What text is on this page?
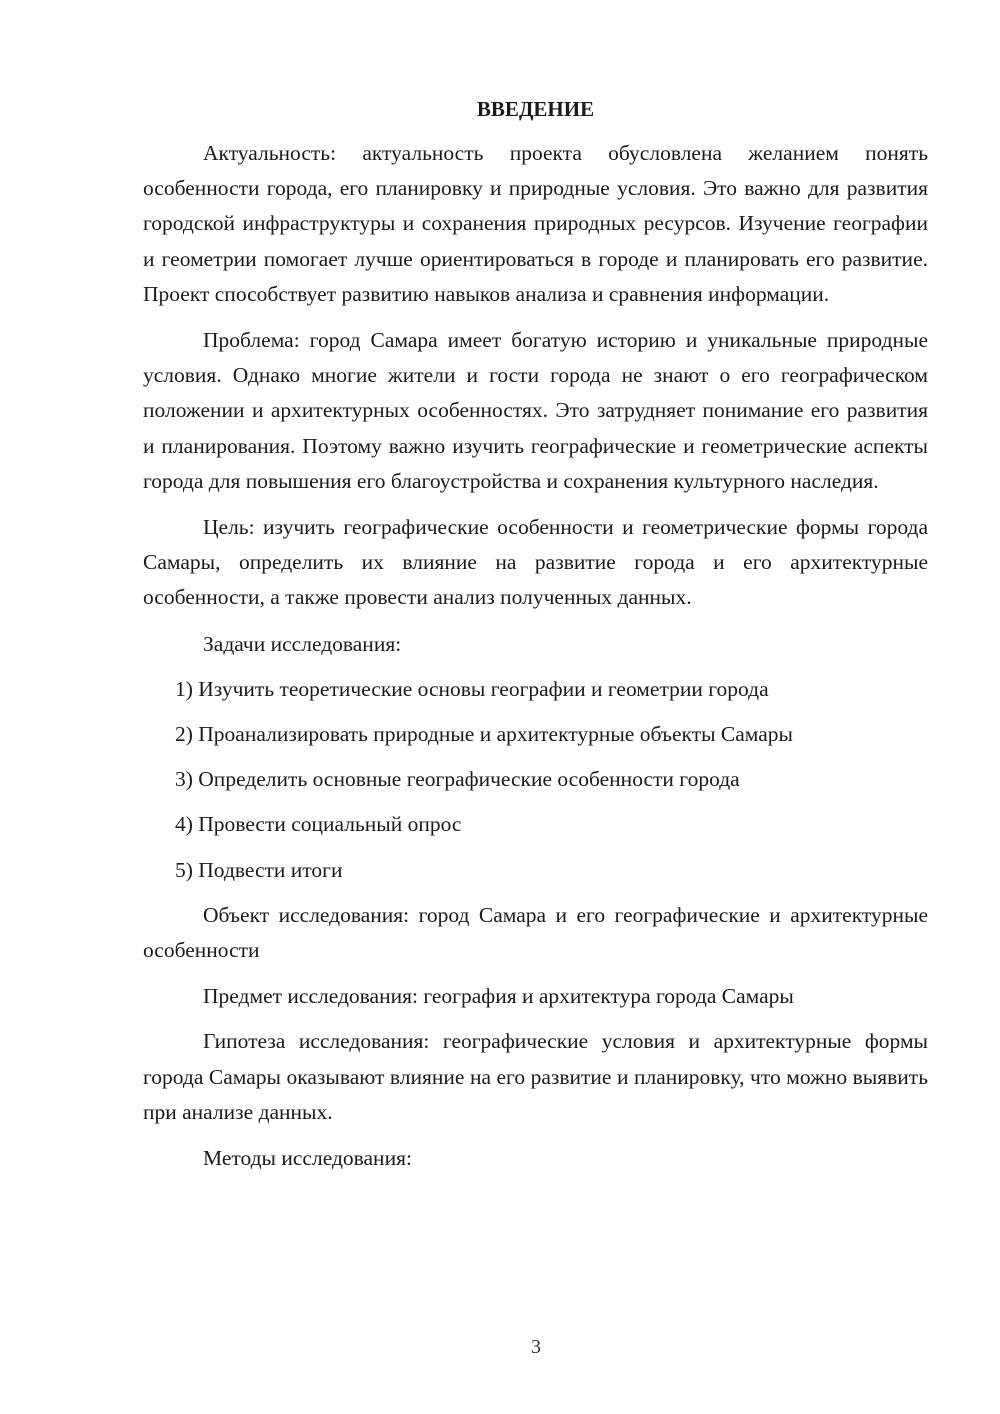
ВВЕДЕНИЕ

Актуальность: актуальность проекта обусловлена желанием понять особенности города, его планировку и природные условия. Это важно для развития городской инфраструктуры и сохранения природных ресурсов. Изучение географии и геометрии помогает лучше ориентироваться в городе и планировать его развитие. Проект способствует развитию навыков анализа и сравнения информации.

Проблема: город Самара имеет богатую историю и уникальные природные условия. Однако многие жители и гости города не знают о его географическом положении и архитектурных особенностях. Это затрудняет понимание его развития и планирования. Поэтому важно изучить географические и геометрические аспекты города для повышения его благоустройства и сохранения культурного наследия.

Цель: изучить географические особенности и геометрические формы города Самары, определить их влияние на развитие города и его архитектурные особенности, а также провести анализ полученных данных.

Задачи исследования:

1) Изучить теоретические основы географии и геометрии города
2) Проанализировать природные и архитектурные объекты Самары
3) Определить основные географические особенности города
4) Провести социальный опрос
5) Подвести итоги

Объект исследования: город Самара и его географические и архитектурные особенности

Предмет исследования: география и архитектура города Самары

Гипотеза исследования: географические условия и архитектурные формы города Самары оказывают влияние на его развитие и планировку, что можно выявить при анализе данных.

Методы исследования:

3
